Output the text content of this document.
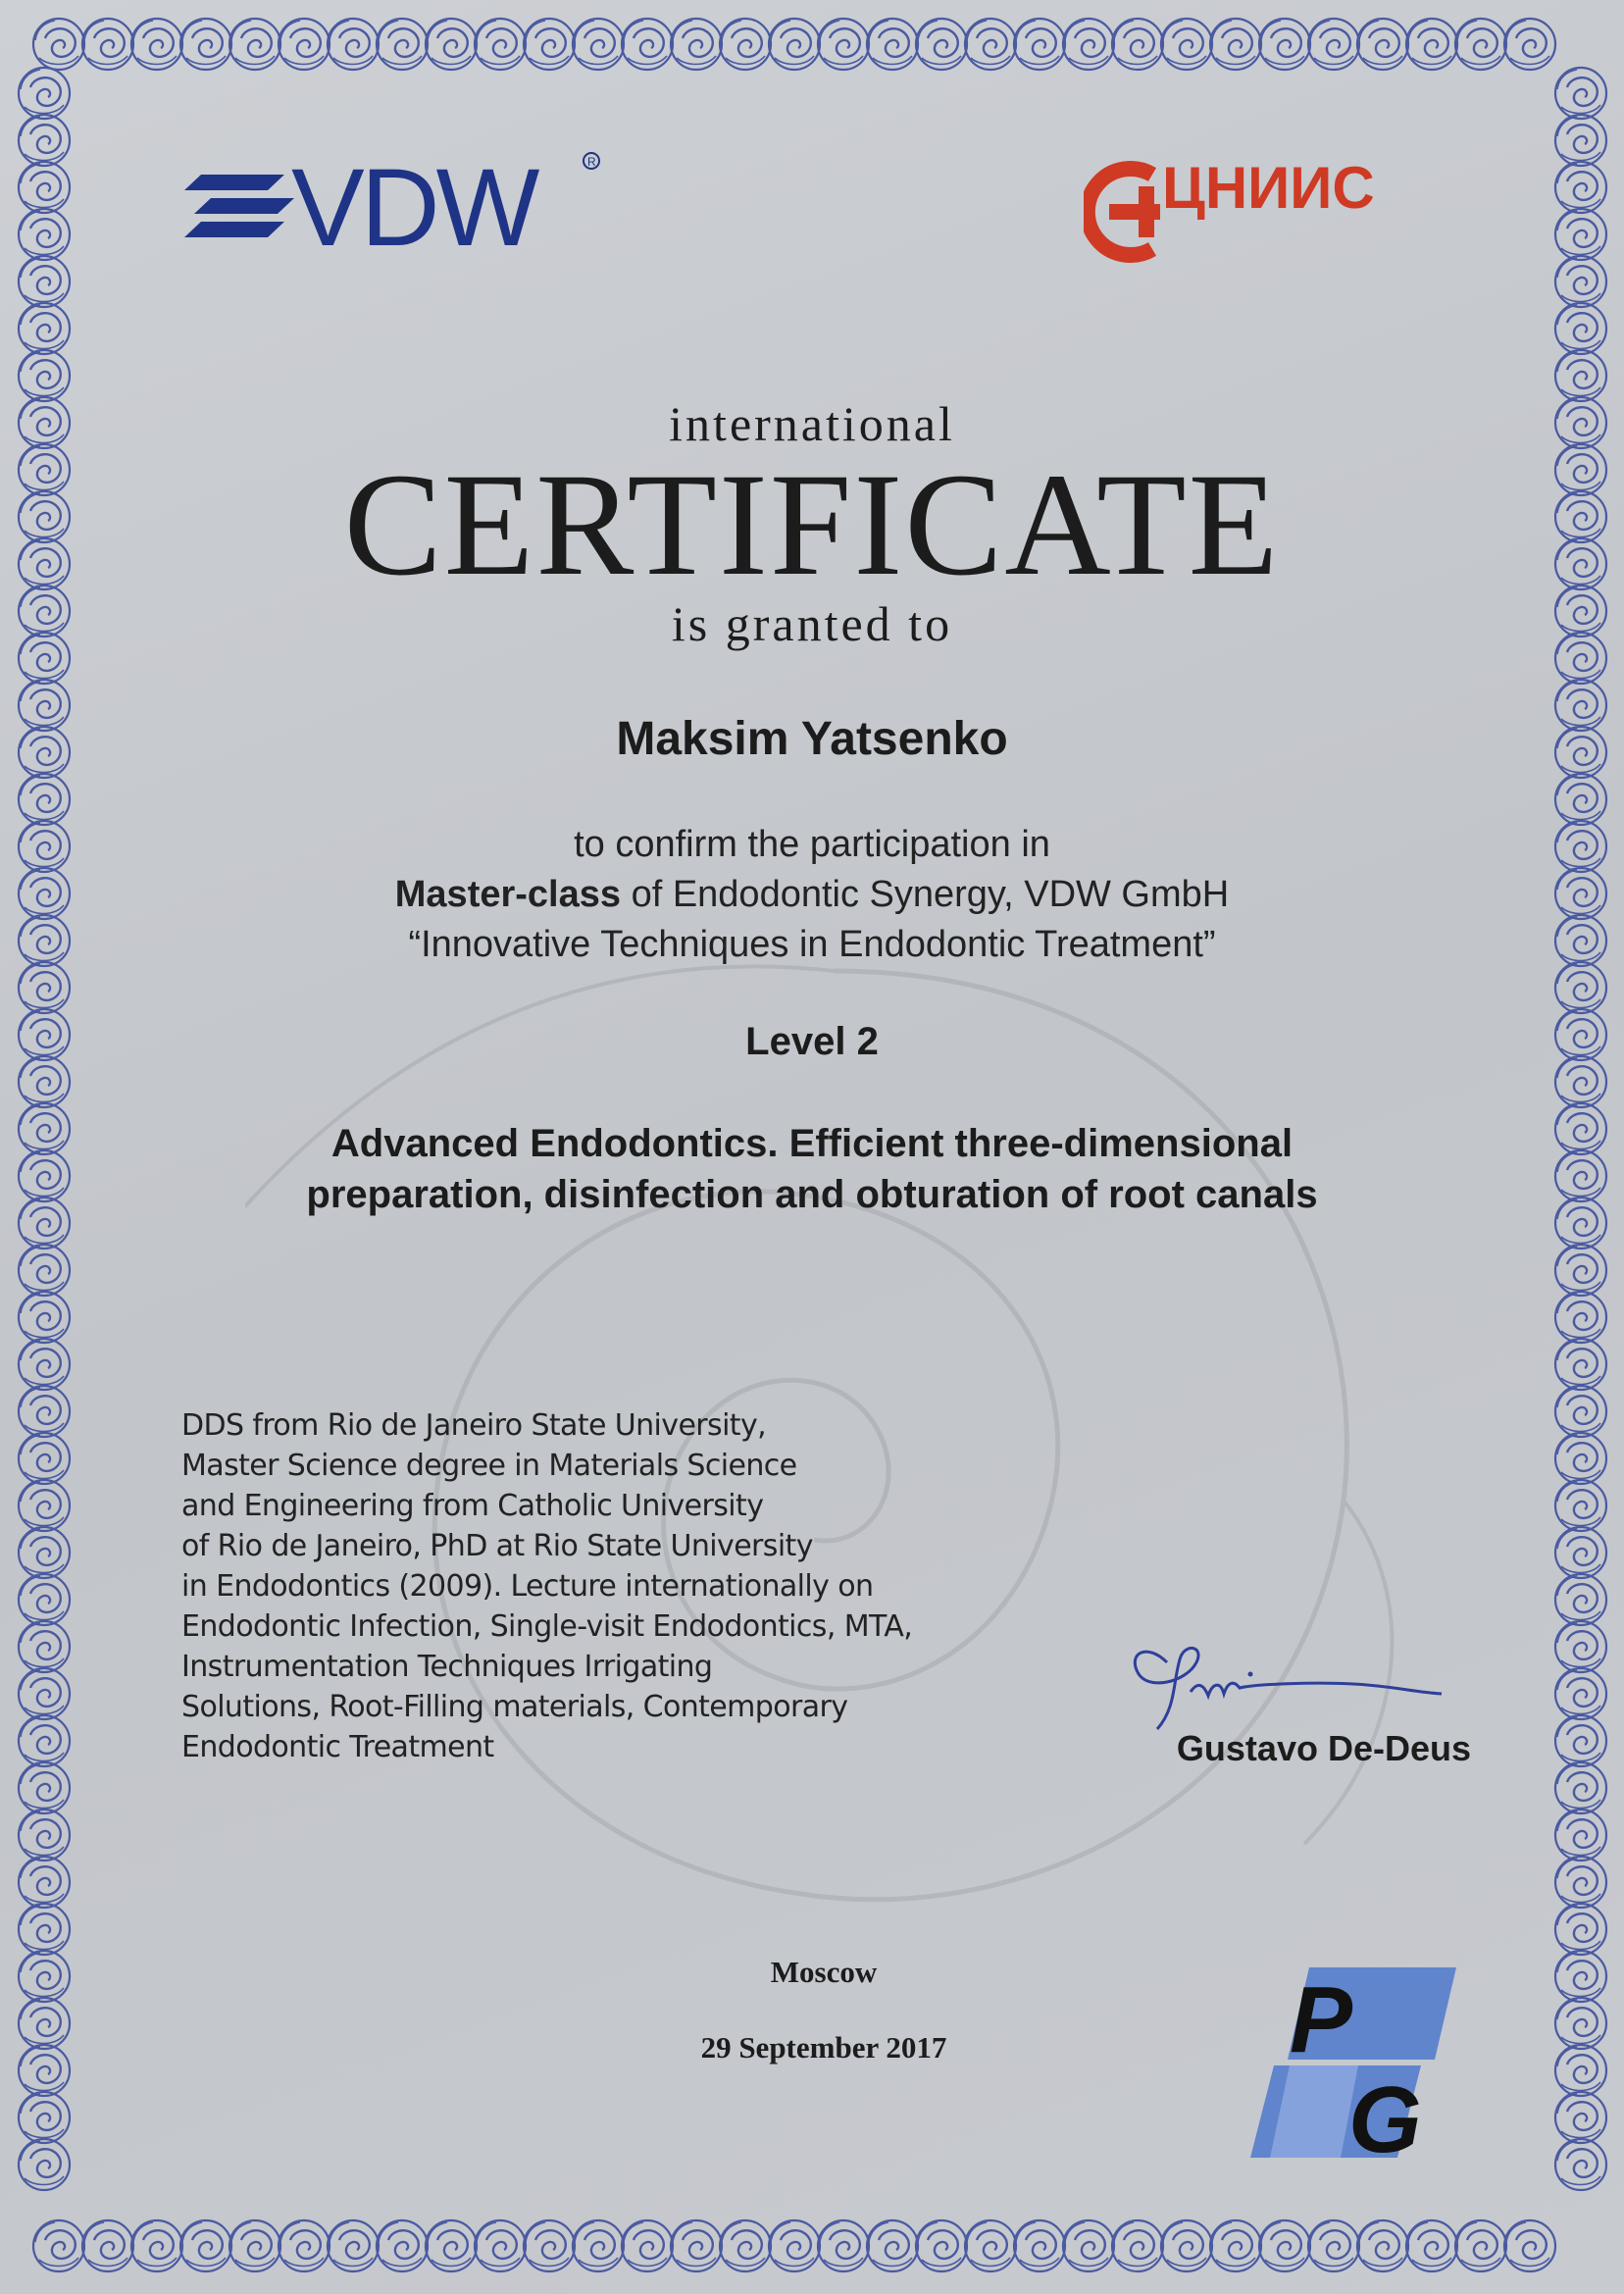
VDW	R	ЦНИИС
international
CERTIFICATE
is granted to
Maksim Yatsenko
to confirm the participation in
Master-class of Endodontic Synergy, VDW GmbH
“Innovative Techniques in Endodontic Treatment”
Level 2
Advanced Endodontics. Efficient three-dimensional
preparation, disinfection and obturation of root canals
DDS from Rio de Janeiro State University,
Master Science degree in Materials Science
and Engineering from Catholic University
of Rio de Janeiro, PhD at Rio State University
in Endodontics (2009). Lecture internationally on
Endodontic Infection, Single-visit Endodontics, MTA,
Instrumentation Techniques Irrigating
Solutions, Root-Filling materials, Contemporary
Endodontic Treatment	Gustavo De-Deus
Moscow
29 September 2017	P
G
